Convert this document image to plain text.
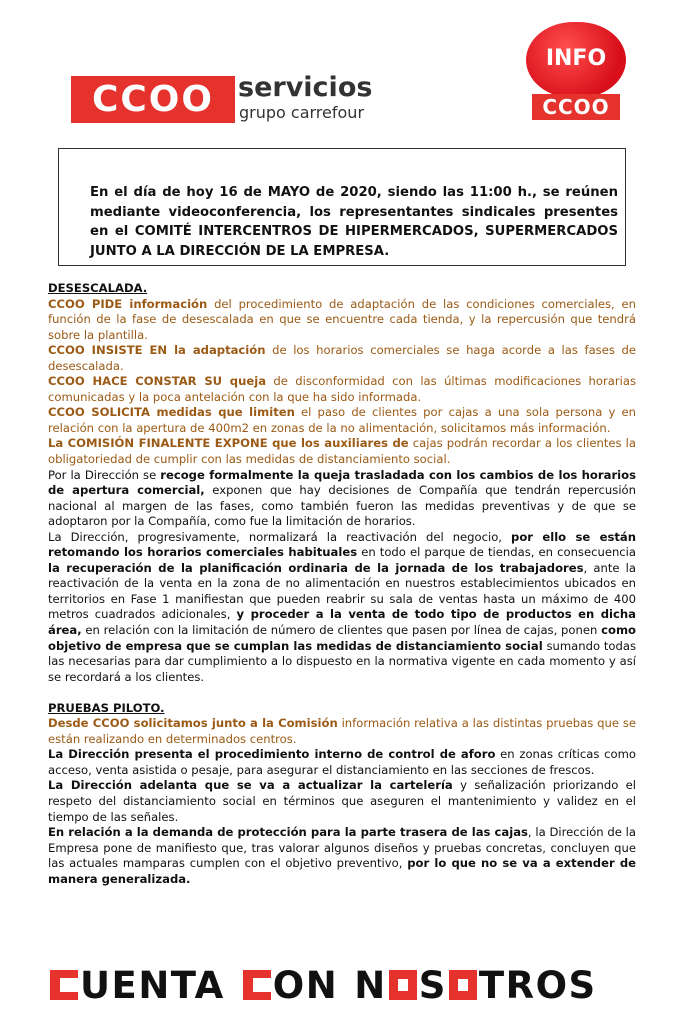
CCOO servicios
grupo carrefour
INFO
CCOO

En el día de hoy 16 de MAYO de 2020, siendo las 11:00 h., se reúnen mediante videoconferencia, los representantes sindicales presentes en el COMITÉ INTERCENTROS DE HIPERMERCADOS, SUPERMERCADOS JUNTO A LA DIRECCIÓN DE LA EMPRESA.

DESESCALADA.

CCOO PIDE información del procedimiento de adaptación de las condiciones comerciales, en función de la fase de desescalada en que se encuentre cada tienda, y la repercusión que tendrá sobre la plantilla.

CCOO INSISTE EN la adaptación de los horarios comerciales se haga acorde a las fases de desescalada.

CCOO HACE CONSTAR SU queja de disconformidad con las últimas modificaciones horarias comunicadas y la poca antelación con la que ha sido informada.

CCOO SOLICITA medidas que limiten el paso de clientes por cajas a una sola persona y en relación con la apertura de 400m2 en zonas de la no alimentación, solicitamos más información.

La COMISIÓN FINALENTE EXPONE que los auxiliares de cajas podrán recordar a los clientes la obligatoriedad de cumplir con las medidas de distanciamiento social.

Por la Dirección se recoge formalmente la queja trasladada con los cambios de los horarios de apertura comercial, exponen que hay decisiones de Compañía que tendrán repercusión nacional al margen de las fases, como también fueron las medidas preventivas y de que se adoptaron por la Compañía, como fue la limitación de horarios.

La Dirección, progresivamente, normalizará la reactivación del negocio, por ello se están retomando los horarios comerciales habituales en todo el parque de tiendas, en consecuencia la recuperación de la planificación ordinaria de la jornada de los trabajadores, ante la reactivación de la venta en la zona de no alimentación en nuestros establecimientos ubicados en territorios en Fase 1 manifiestan que pueden reabrir su sala de ventas hasta un máximo de 400 metros cuadrados adicionales, y proceder a la venta de todo tipo de productos en dicha área, en relación con la limitación de número de clientes que pasen por línea de cajas, ponen como objetivo de empresa que se cumplan las medidas de distanciamiento social sumando todas las necesarias para dar cumplimiento a lo dispuesto en la normativa vigente en cada momento y así se recordará a los clientes.

PRUEBAS PILOTO.

Desde CCOO solicitamos junto a la Comisión información relativa a las distintas pruebas que se están realizando en determinados centros.

La Dirección presenta el procedimiento interno de control de aforo en zonas críticas como acceso, venta asistida o pesaje, para asegurar el distanciamiento en las secciones de frescos.

La Dirección adelanta que se va a actualizar la cartelería y señalización priorizando el respeto del distanciamiento social en términos que aseguren el mantenimiento y validez en el tiempo de las señales.

En relación a la demanda de protección para la parte trasera de las cajas, la Dirección de la Empresa pone de manifiesto que, tras valorar algunos diseños y pruebas concretas, concluyen que las actuales mamparas cumplen con el objetivo preventivo, por lo que no se va a extender de manera generalizada.

UENTA ON N S TROS
